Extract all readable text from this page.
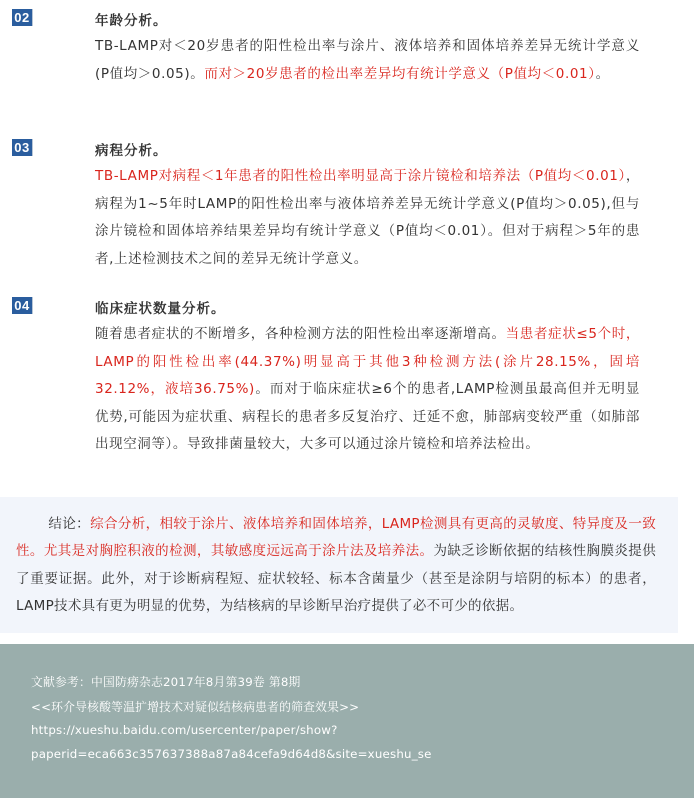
02	年龄分析。
TB-LAMP对＜20岁患者的阳性检出率与涂片、液体培养和固体培养差异无统计学意义(P值均＞0.05)。而对＞20岁患者的检出率差异均有统计学意义（P值均＜0.01）。
03	病程分析。
TB-LAMP对病程＜1年患者的阳性检出率明显高于涂片镜检和培养法（P值均＜0.01），病程为1~5年时LAMP的阳性检出率与液体培养差异无统计学意义(P值均＞0.05),但与涂片镜检和固体培养结果差异均有统计学意义（P值均＜0.01）。但对于病程＞5年的患者,上述检测技术之间的差异无统计学意义。
04	临床症状数量分析。
随着患者症状的不断增多，各种检测方法的阳性检出率逐渐增高。当患者症状≤5个时，LAMP的阳性检出率(44.37%)明显高于其他3种检测方法(涂片28.15%，固培32.12%，液培36.75%)。而对于临床症状≥6个的患者,LAMP检测虽最高但并无明显优势,可能因为症状重、病程长的患者多反复治疗、迁延不愈，肺部病变较严重（如肺部出现空洞等）。导致排菌量较大，大多可以通过涂片镜检和培养法检出。
结论：综合分析，相较于涂片、液体培养和固体培养，LAMP检测具有更高的灵敏度、特异度及一致性。尤其是对胸腔积液的检测，其敏感度远远高于涂片法及培养法。为缺乏诊断依据的结核性胸膜炎提供了重要证据。此外，对于诊断病程短、症状较轻、标本含菌量少（甚至是涂阴与培阴的标本）的患者，LAMP技术具有更为明显的优势，为结核病的早诊断早治疗提供了必不可少的依据。
文献参考：中国防痨杂志2017年8月第39卷 第8期
<<环介导核酸等温扩增技术对疑似结核病患者的筛查效果>>
https://xueshu.baidu.com/usercenter/paper/show?
paperid=eca663c357637388a87a84cefa9d64d8&site=xueshu_se
